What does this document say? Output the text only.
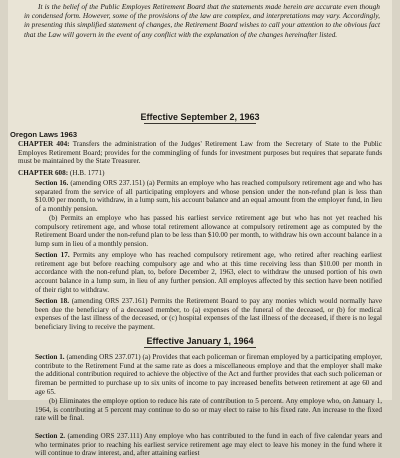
It is the belief of the Public Employes Retirement Board that the statements made herein are accurate even though in condensed form. However, some of the provisions of the law are complex, and interpretations may vary. Accordingly, in presenting this simplified statement of changes, the Retirement Board wishes to call your attention to the obvious fact that the Law will govern in the event of any conflict with the explanation of the changes hereinafter listed.

Effective September 2, 1963
Oregon Laws 1963
CHAPTER 404: Transfers the administration of the Judges' Retirement Law from the Secretary of State to the Public Employes Retirement Board; provides for the commingling of funds for investment purposes but requires that separate funds must be maintained by the State Treasurer.
CHAPTER 608: (H.B. 1771)
Section 16. (amending ORS 237.151) (a) Permits an employe who has reached compulsory retirement age and who has separated from the service of all participating employers and whose pension under the non-refund plan is less than $10.00 per month, to withdraw, in a lump sum, his account balance and an equal amount from the employer fund, in lieu of a monthly pension.

(b) Permits an employe who has passed his earliest service retirement age but who has not yet reached his compulsory retirement age, and whose total retirement allowance at compulsory retirement age as computed by the Retirement Board under the non-refund plan to be less than $10.00 per month, to withdraw his own account balance in a lump sum in lieu of a monthly pension.

Section 17. Permits any employe who has reached compulsory retirement age, who retired after reaching earliest retirement age but before reaching compulsory age and who at this time receiving less than $10.00 per month in accordance with the non-refund plan, to, before December 2, 1963, elect to withdraw the unused portion of his own account balance in a lump sum, in lieu of any further pension. All employes affected by this section have been notified of their right to withdraw.
Section 18. (amending ORS 237.161) Permits the Retirement Board to pay any monies which would normally have been due the beneficiary of a deceased member, to (a) expenses of the funeral of the deceased, or (b) for medical expenses of the last illness of the deceased, or (c) hospital expenses of the last illness of the deceased, if there is no legal beneficiary living to receive the payment.
Effective January 1, 1964
Section 1. (amending ORS 237.071) (a) Provides that each policeman or fireman employed by a participating employer, contribute to the Retirement Fund at the same rate as does a miscellaneous employe and that the employer shall make the additional contribution required to achieve the objective of the Act and further provides that each such policeman or fireman be permitted to purchase up to six units of income to pay increased benefits between retirement at age 60 and age 65.

(b) Eliminates the employe option to reduce his rate of contribution to 5 percent. Any employe who, on January 1, 1964, is contributing at 5 percent may continue to do so or may elect to raise to his fixed rate. An increase to the fixed rate will be final.

Section 2. (amending ORS 237.111) Any employe who has contributed to the fund in each of five calendar years and who terminates prior to reaching his earliest service retirement age may elect to leave his money in the fund where it will continue to draw interest, and, after attaining earliest
